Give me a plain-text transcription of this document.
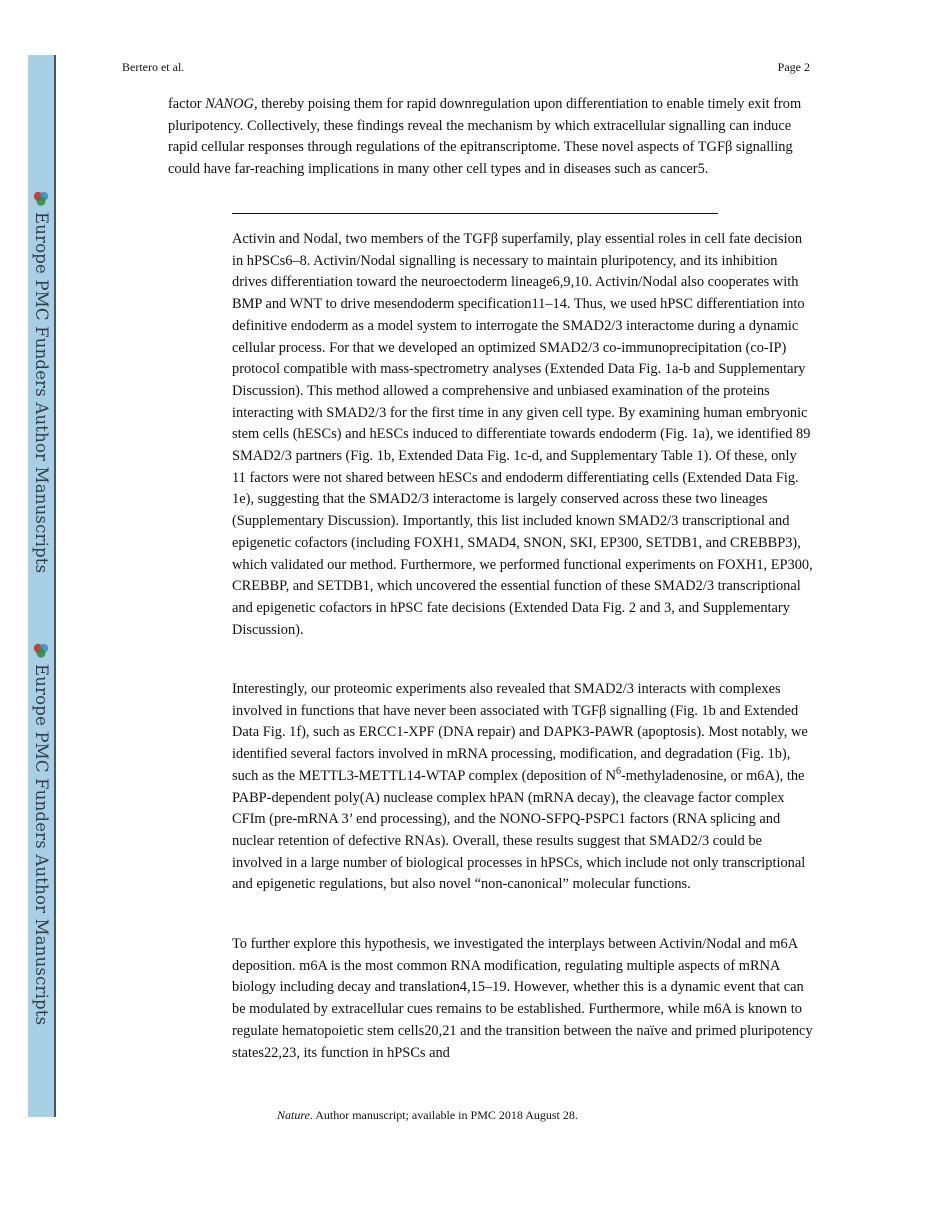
Europe PMC Funders Author Manuscripts
Europe PMC Funders Author Manuscripts
Bertero et al.	Page 2

factor NANOG, thereby poising them for rapid downregulation upon differentiation to enable timely exit from pluripotency. Collectively, these findings reveal the mechanism by which extracellular signalling can induce rapid cellular responses through regulations of the epitranscriptome. These novel aspects of TGFβ signalling could have far-reaching implications in many other cell types and in diseases such as cancer5.

Activin and Nodal, two members of the TGFβ superfamily, play essential roles in cell fate decision in hPSCs6–8. Activin/Nodal signalling is necessary to maintain pluripotency, and its inhibition drives differentiation toward the neuroectoderm lineage6,9,10. Activin/Nodal also cooperates with BMP and WNT to drive mesendoderm specification11–14. Thus, we used hPSC differentiation into definitive endoderm as a model system to interrogate the SMAD2/3 interactome during a dynamic cellular process. For that we developed an optimized SMAD2/3 co-immunoprecipitation (co-IP) protocol compatible with mass-spectrometry analyses (Extended Data Fig. 1a-b and Supplementary Discussion). This method allowed a comprehensive and unbiased examination of the proteins interacting with SMAD2/3 for the first time in any given cell type. By examining human embryonic stem cells (hESCs) and hESCs induced to differentiate towards endoderm (Fig. 1a), we identified 89 SMAD2/3 partners (Fig. 1b, Extended Data Fig. 1c-d, and Supplementary Table 1). Of these, only 11 factors were not shared between hESCs and endoderm differentiating cells (Extended Data Fig. 1e), suggesting that the SMAD2/3 interactome is largely conserved across these two lineages (Supplementary Discussion). Importantly, this list included known SMAD2/3 transcriptional and epigenetic cofactors (including FOXH1, SMAD4, SNON, SKI, EP300, SETDB1, and CREBBP3), which validated our method. Furthermore, we performed functional experiments on FOXH1, EP300, CREBBP, and SETDB1, which uncovered the essential function of these SMAD2/3 transcriptional and epigenetic cofactors in hPSC fate decisions (Extended Data Fig. 2 and 3, and Supplementary Discussion).

Interestingly, our proteomic experiments also revealed that SMAD2/3 interacts with complexes involved in functions that have never been associated with TGFβ signalling (Fig. 1b and Extended Data Fig. 1f), such as ERCC1-XPF (DNA repair) and DAPK3-PAWR (apoptosis). Most notably, we identified several factors involved in mRNA processing, modification, and degradation (Fig. 1b), such as the METTL3-METTL14-WTAP complex (deposition of $N^6$-methyladenosine, or m6A), the PABP-dependent poly(A) nuclease complex hPAN (mRNA decay), the cleavage factor complex CFIm (pre-mRNA 3’ end processing), and the NONO-SFPQ-PSPC1 factors (RNA splicing and nuclear retention of defective RNAs). Overall, these results suggest that SMAD2/3 could be involved in a large number of biological processes in hPSCs, which include not only transcriptional and epigenetic regulations, but also novel “non-canonical” molecular functions.

To further explore this hypothesis, we investigated the interplays between Activin/Nodal and m6A deposition. m6A is the most common RNA modification, regulating multiple aspects of mRNA biology including decay and translation4,15–19. However, whether this is a dynamic event that can be modulated by extracellular cues remains to be established. Furthermore, while m6A is known to regulate hematopoietic stem cells20,21 and the transition between the naïve and primed pluripotency states22,23, its function in hPSCs and

Nature. Author manuscript; available in PMC 2018 August 28.
